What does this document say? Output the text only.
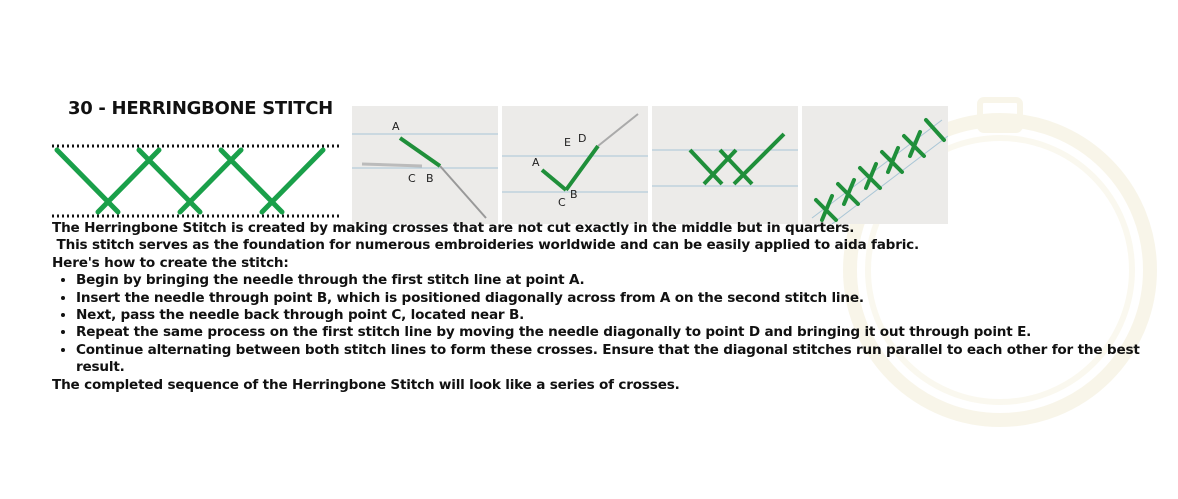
30 - HERRINGBONE STITCH
A
C B
E D
A
C
B

The Herringbone Stitch is created by making crosses that are not cut exactly in the middle but in quarters.

This stitch serves as the foundation for numerous embroideries worldwide and can be easily applied to aida fabric.

Here's how to create the stitch:

• Begin by bringing the needle through the first stitch line at point A.
• Insert the needle through point B, which is positioned diagonally across from A on the second stitch line.
• Next, pass the needle back through point C, located near B.
• Repeat the same process on the first stitch line by moving the needle diagonally to point D and bringing it out through point E.
• Continue alternating between both stitch lines to form these crosses. Ensure that the diagonal stitches run parallel to each other for the best result.

The completed sequence of the Herringbone Stitch will look like a series of crosses.
